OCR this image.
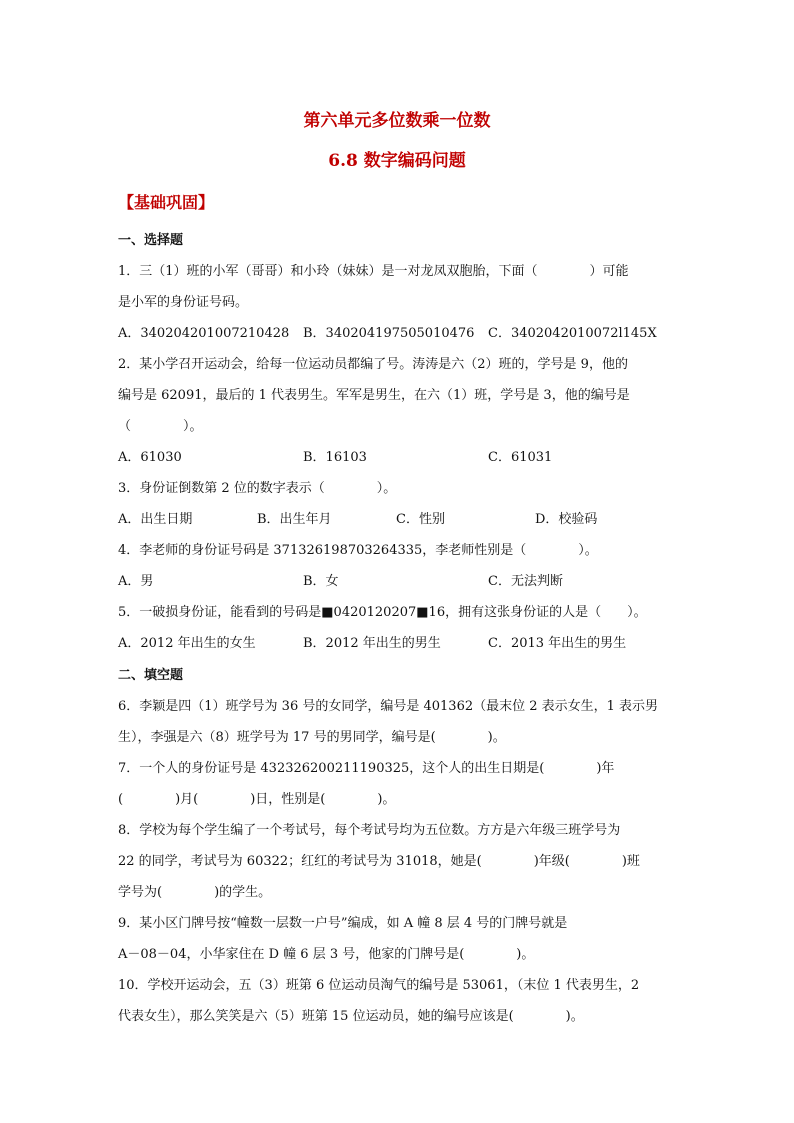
第六单元多位数乘一位数
6.8 数字编码问题
【基础巩固】
一、选择题
1．三（1）班的小军（哥哥）和小玲（妹妹）是一对龙凤双胞胎，下面（　　　　）可能
是小军的身份证号码。
A．340204201007210428 B．340204197505010476 C．3402042010072l145X
2．某小学召开运动会，给每一位运动员都编了号。涛涛是六（2）班的，学号是 9，他的
编号是 62091，最后的 1 代表男生。军军是男生，在六（1）班，学号是 3，他的编号是
（　　　　）。
A．61030	B．16103	C．61031
3．身份证倒数第 2 位的数字表示（　　　　）。
A．出生日期	B．出生年月	C．性别	D．校验码
4．李老师的身份证号码是 371326198703264335，李老师性别是（　　　　）。
A．男	B．女	C．无法判断
5．一破损身份证，能看到的号码是■0420120207■16，拥有这张身份证的人是（　　）。
A．2012 年出生的女生	B．2012 年出生的男生	C．2013 年出生的男生
二、填空题
6．李颖是四（1）班学号为 36 号的女同学，编号是 401362（最末位 2 表示女生，1 表示男
生），李强是六（8）班学号为 17 号的男同学，编号是(　　　　)。
7．一个人的身份证号是 432326200211190325，这个人的出生日期是(　　　　)年
(　　　　)月(　　　　)日，性别是(　　　　)。
8．学校为每个学生编了一个考试号，每个考试号均为五位数。方方是六年级三班学号为
22 的同学，考试号为 60322；红红的考试号为 31018，她是(　　　　)年级(　　　　)班
学号为(　　　　)的学生。
9．某小区门牌号按“幢数一层数一户号”编成，如 A 幢 8 层 4 号的门牌号就是
A－08－04，小华家住在 D 幢 6 层 3 号，他家的门牌号是(　　　　)。
10．学校开运动会，五（3）班第 6 位运动员淘气的编号是 53061，（末位 1 代表男生，2
代表女生），那么笑笑是六（5）班第 15 位运动员，她的编号应该是(　　　　)。
